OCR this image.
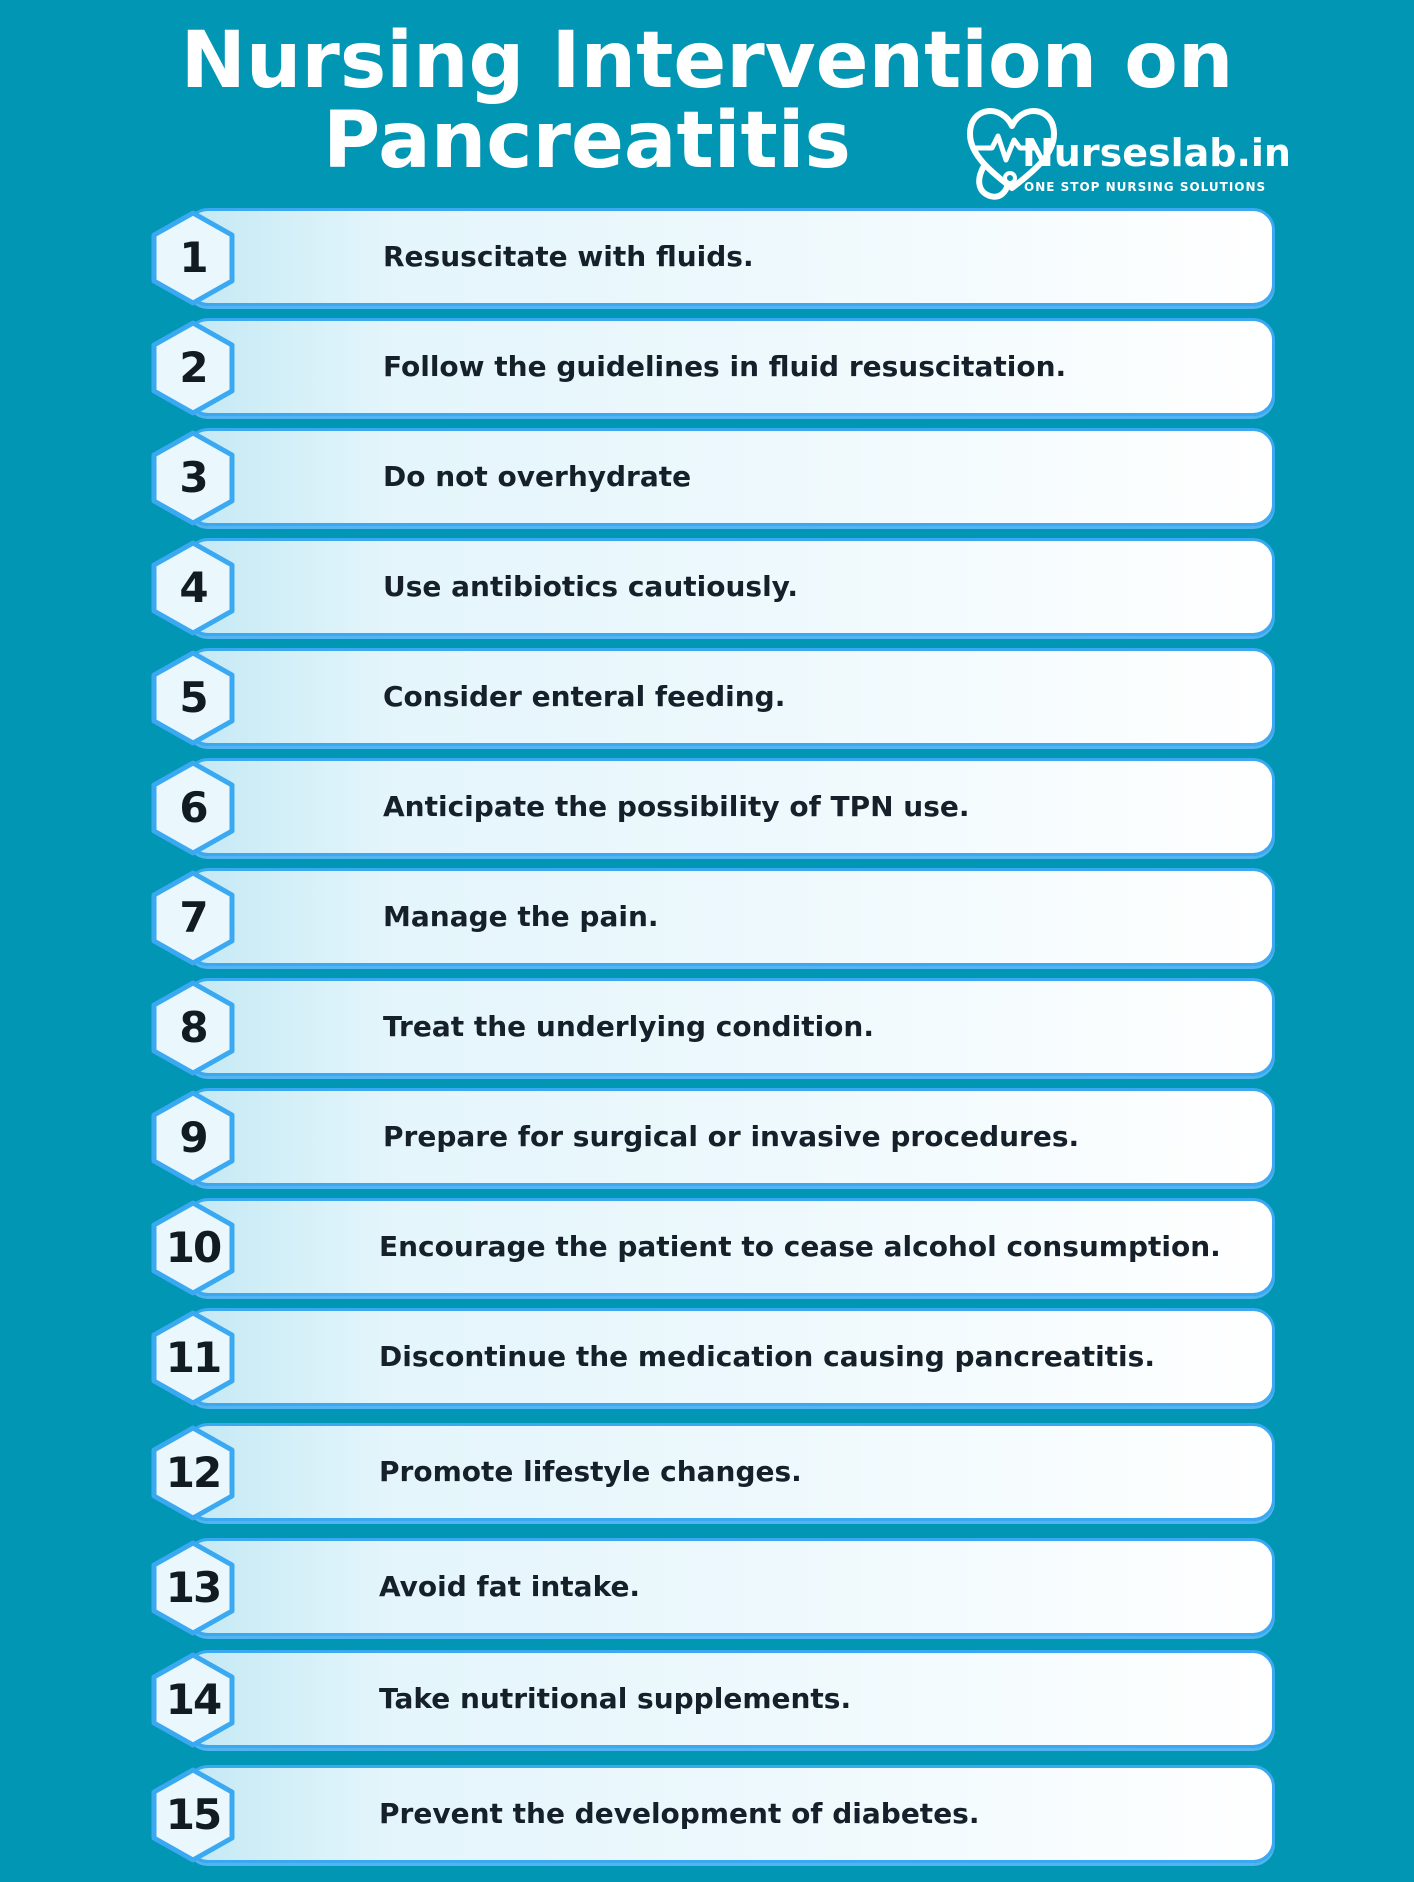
Nursing Intervention on
Pancreatitis	Nurseslab.in
ONE STOP NURSING SOLUTIONS
Resuscitate with fluids.
1
Follow the guidelines in fluid resuscitation.
2
Do not overhydrate
3
Use antibiotics cautiously.
4
Consider enteral feeding.
5
Anticipate the possibility of TPN use.
6
Manage the pain.
7
Treat the underlying condition.
8
Prepare for surgical or invasive procedures.
9
Encourage the patient to cease alcohol consumption.
10
Discontinue the medication causing pancreatitis.
11
Promote lifestyle changes.
12
Avoid fat intake.
13
Take nutritional supplements.
14
Prevent the development of diabetes.
15
